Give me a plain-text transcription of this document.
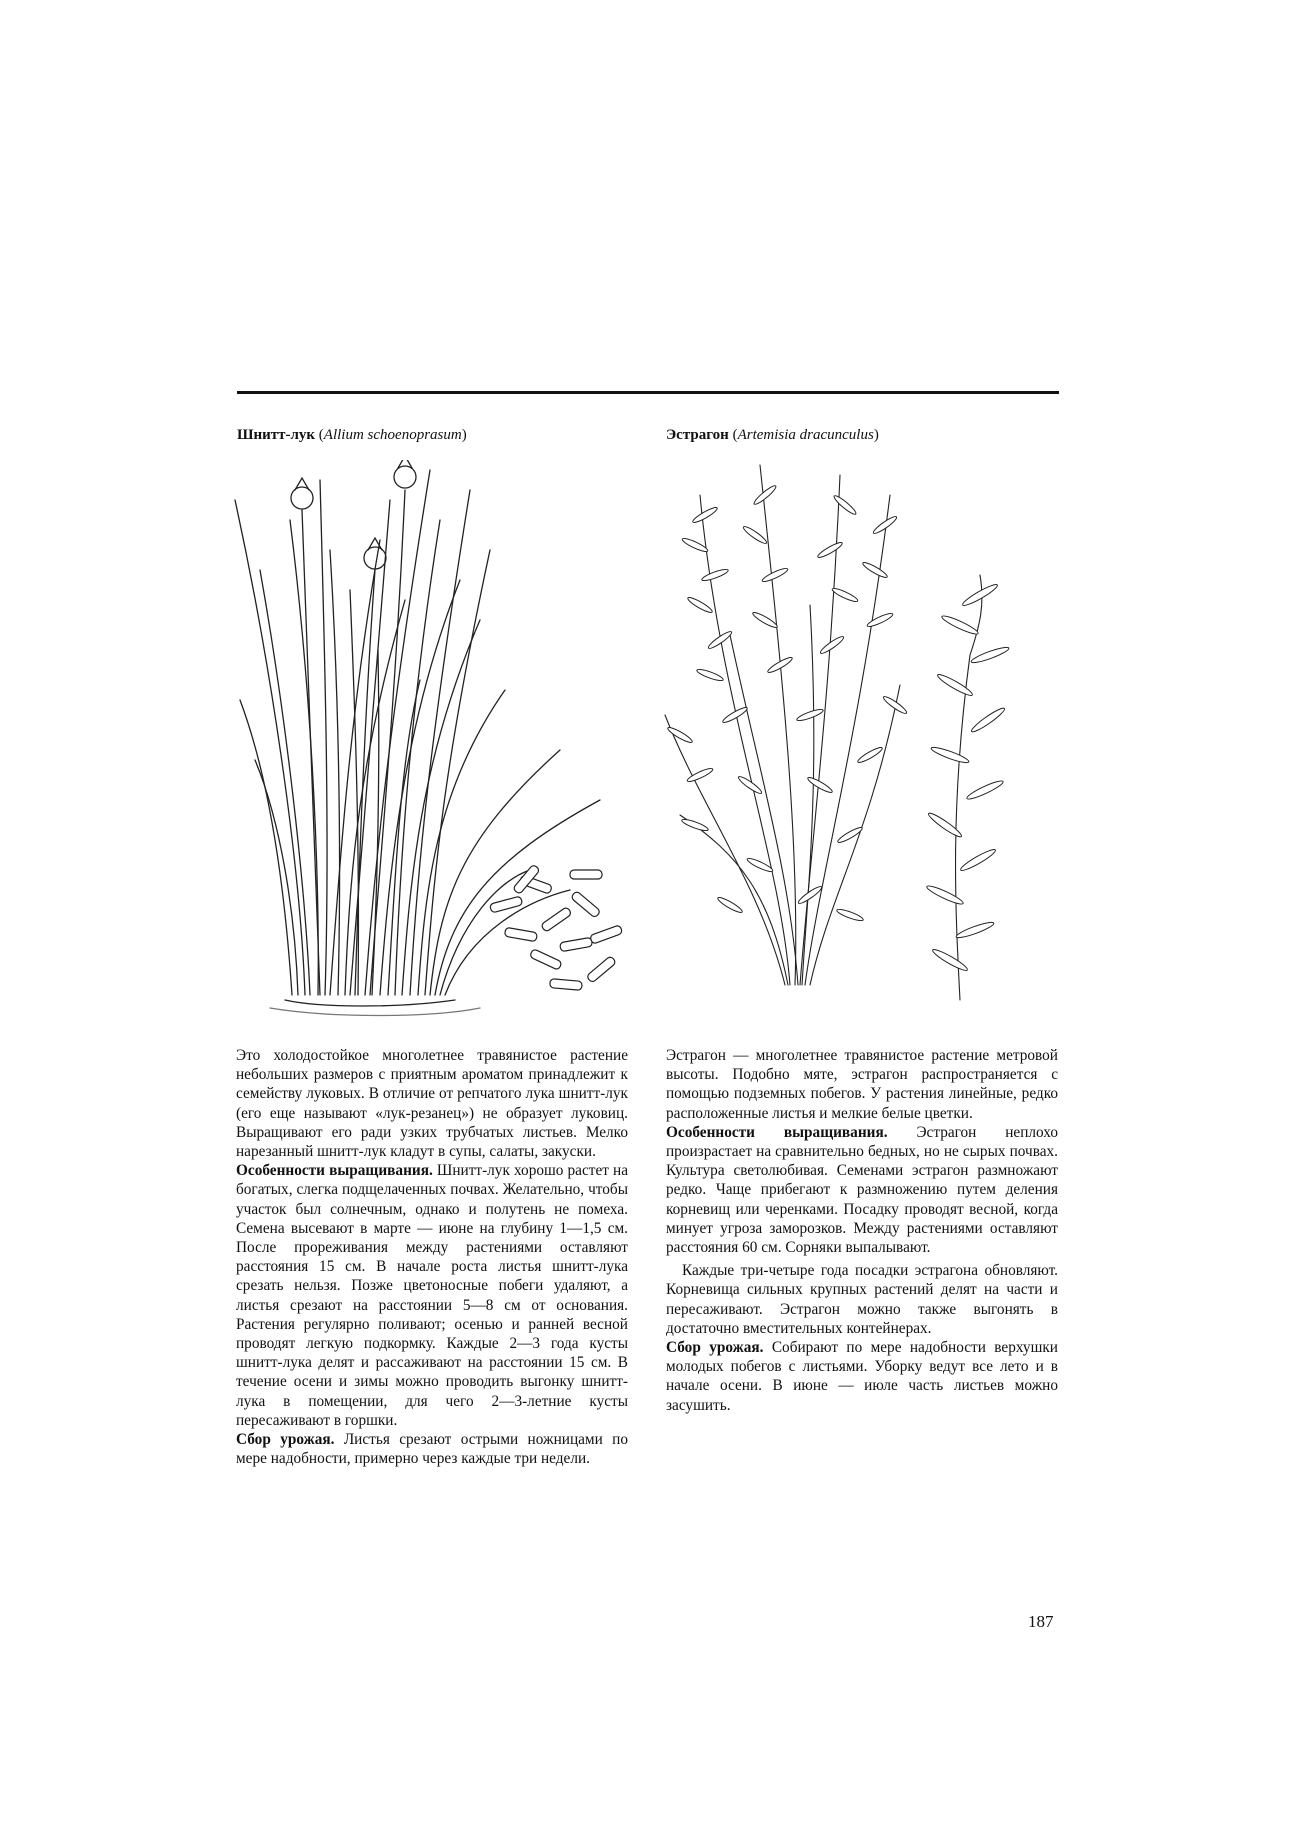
Шнитт-лук (Allium schoenoprasum)	Эстрагон (Artemisia dracunculus)

Это холодостойкое многолетнее травянистое растение небольших размеров с приятным ароматом принадлежит к семейству луковых. В отличие от репчатого лука шнитт-лук (его еще называют «лук-резанец») не образует луковиц. Выращивают его ради узких трубчатых листьев. Мелко нарезанный шнитт-лук кладут в супы, салаты, закуски.

Особенности выращивания. Шнитт-лук хорошо растет на богатых, слегка подщелаченных почвах. Желательно, чтобы участок был солнечным, однако и полутень не помеха. Семена высевают в марте — июне на глубину 1—1,5 см. После прореживания между растениями оставляют расстояния 15 см. В начале роста листья шнитт-лука срезать нельзя. Позже цветоносные побеги удаляют, а листья срезают на расстоянии 5—8 см от основания. Растения регулярно поливают; осенью и ранней весной проводят легкую подкормку. Каждые 2—3 года кусты шнитт-лука делят и рассаживают на расстоянии 15 см. В течение осени и зимы можно проводить выгонку шнитт-лука в помещении, для чего 2—3-летние кусты пересаживают в горшки.

Сбор урожая. Листья срезают острыми ножницами по мере надобности, примерно через каждые три недели.

Эстрагон — многолетнее травянистое растение метровой высоты. Подобно мяте, эстрагон распространяется с помощью подземных побегов. У растения линейные, редко расположенные листья и мелкие белые цветки.

Особенности выращивания. Эстрагон неплохо произрастает на сравнительно бедных, но не сырых почвах. Культура светолюбивая. Семенами эстрагон размножают редко. Чаще прибегают к размножению путем деления корневищ или черенками. Посадку проводят весной, когда минует угроза заморозков. Между растениями оставляют расстояния 60 см. Сорняки выпалывают.

Каждые три-четыре года посадки эстрагона обновляют. Корневища сильных крупных растений делят на части и пересаживают. Эстрагон можно также выгонять в достаточно вместительных контейнерах.

Сбор урожая. Собирают по мере надобности верхушки молодых побегов с листьями. Уборку ведут все лето и в начале осени. В июне — июле часть листьев можно засушить.

187
